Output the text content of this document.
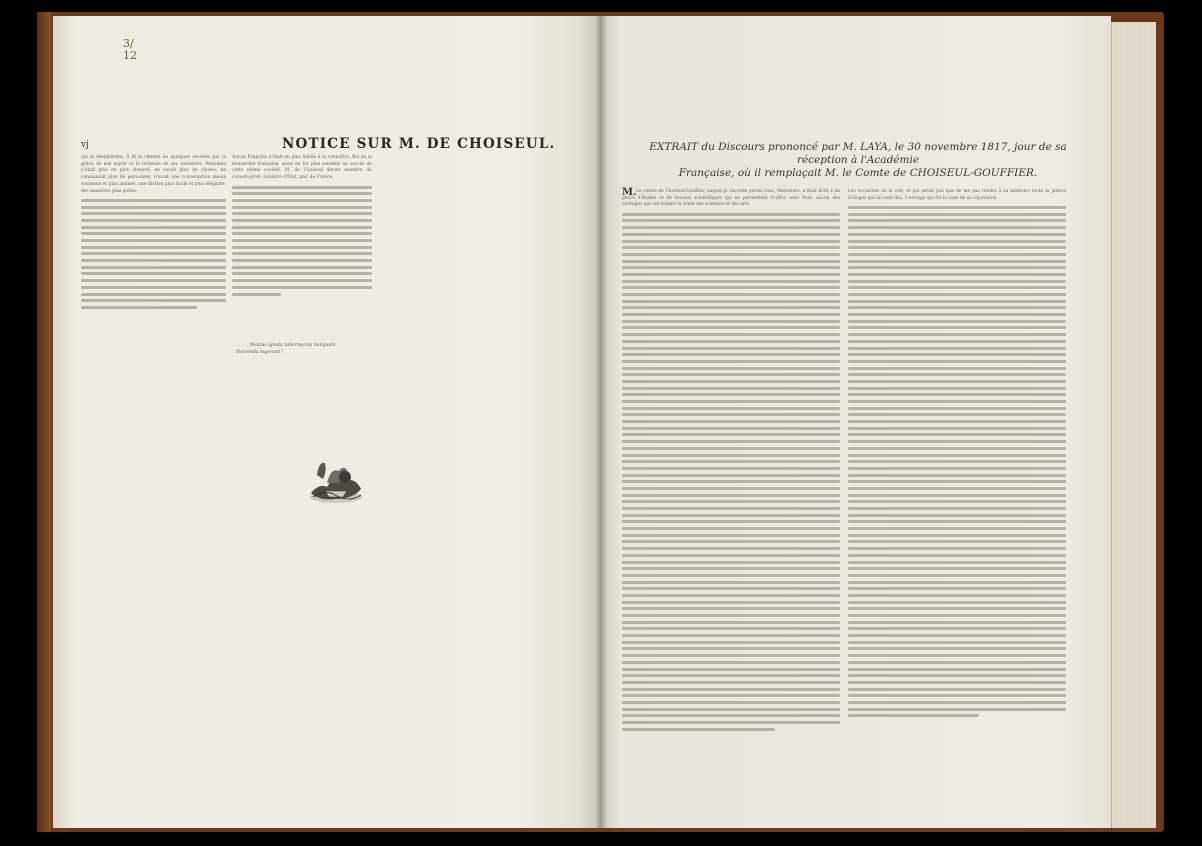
3/
12
vj	NOTICE SUR M. DE CHOISEUL.

qui le désignèrent. Il fit le chemin de quelques sociétés par la grâce de son esprit et la richesse de ses souvenirs. Personne n'était plus en plus observé, ne savait plus de choses, ne connaissait plus de personnes, n'avait une conversation mieux soutenue et plus animée, une diction plus facile et plus élégante, des manières plus polies.

Aucun Français n'était en plus habile à la connaître. Roi de la monarchie française; aussi en fut plus sensible au succès de cette même société. M. de Choiseul devint membre du conseil-privé, ministre d'État, pair de France.

. . . . . . Penitus ignota tabernacula nunquam
Horrenda tegerunt !
EXTRAIT du Discours prononcé par M. LAYA, le 30 novembre 1817, jour de sa réception à l'Académie
Française, où il remplaçait M. le Comte de CHOISEUL-GOUFFIER.
M. Le comte de Choiseul-Gouffier, auquel je succède parmi vous, Messieurs, n'était livré à un genre d'études et de travaux scientifiques qui ne permettent d'offrir, avec fruit, aucun des ouvrages qui ont éclairé la route des sciences et des arts.

Les occasions de le voir, et qui serait pas que de me pas rendre à sa mémoire toute la justice d'éloges qui lui sont dus, l'ouvrage qui fut la base de sa réputation.
